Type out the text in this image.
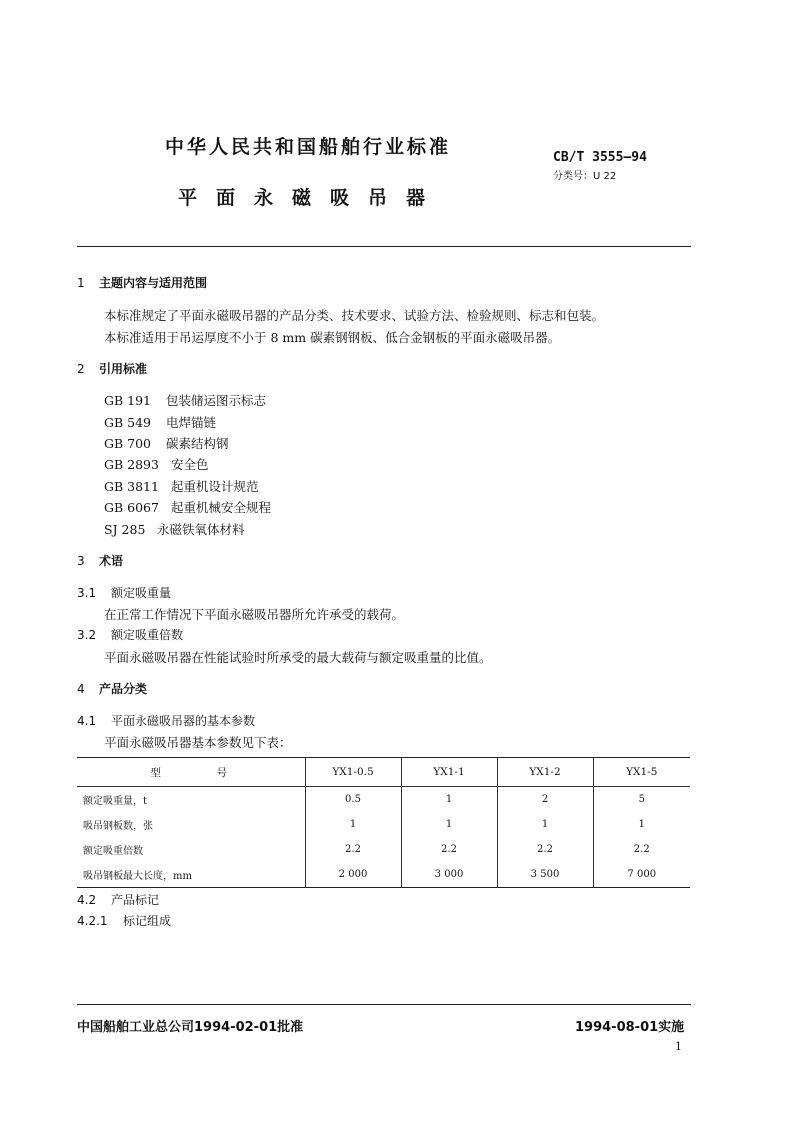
中华人民共和国船舶行业标准
平面永磁吸吊器
CB/T 3555—94
分类号：U 22
1 主题内容与适用范围
本标准规定了平面永磁吸吊器的产品分类、技术要求、试验方法、检验规则、标志和包装。
本标准适用于吊运厚度不小于 8 mm 碳素钢钢板、低合金钢板的平面永磁吸吊器。
2 引用标准
GB 191 包装储运图示标志
GB 549 电焊锚链
GB 700 碳素结构钢
GB 2893 安全色
GB 3811 起重机设计规范
GB 6067 起重机械安全规程
SJ 285 永磁铁氧体材料
3 术语
3.1 额定吸重量
在正常工作情况下平面永磁吸吊器所允许承受的载荷。
3.2 额定吸重倍数
平面永磁吸吊器在性能试验时所承受的最大载荷与额定吸重量的比值。
4 产品分类
4.1 平面永磁吸吊器的基本参数
平面永磁吸吊器基本参数见下表：
型　　　号	YX1-0.5	YX1-1	YX1-2	YX1-5
额定吸重量，t	0.5	1	2	5
吸吊钢板数，张	1	1	1	1
额定吸重倍数	2.2	2.2	2.2	2.2
吸吊钢板最大长度，mm	2 000	3 000	3 500	7 000
4.2 产品标记
4.2.1 标记组成
中国船舶工业总公司1994-02-01批准	1994-08-01实施
1
